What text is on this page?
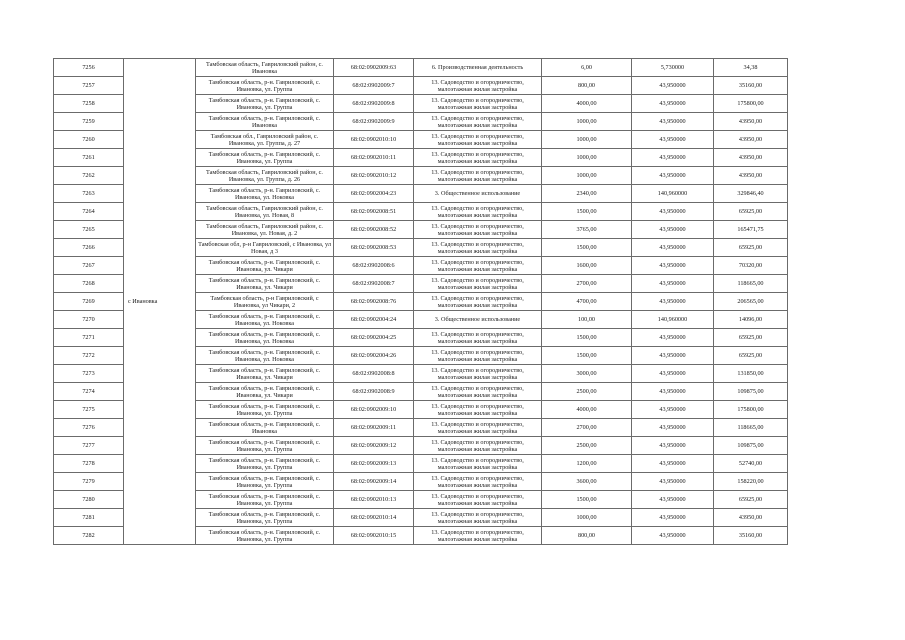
7256	с Ивановка	Тамбовская область, Гавриловский район, с. Ивановка	68:02:0902009:63	6. Производственная деятельность	6,00	5,730000	34,38
7257		Тамбовская область, р-н. Гавриловский, с. Ивановка, ул. Группа	68:02:0902009:7	13. Садоводство и огородничество, малоэтажная жилая застройка	800,00	43,950000	35160,00
7258		Тамбовская область, р-н. Гавриловский, с. Ивановка, ул. Группа	68:02:0902009:8	13. Садоводство и огородничество, малоэтажная жилая застройка	4000,00	43,950000	175800,00
7259		Тамбовская область, р-н. Гавриловский, с. Ивановка	68:02:0902009:9	13. Садоводство и огородничество, малоэтажная жилая застройка	1000,00	43,950000	43950,00
7260		Тамбовская обл., Гавриловский район, с. Ивановка, ул. Группа, д. 27	68:02:0902010:10	13. Садоводство и огородничество, малоэтажная жилая застройка	1000,00	43,950000	43950,00
7261		Тамбовская область, р-н. Гавриловский, с. Ивановка, ул. Группа	68:02:0902010:11	13. Садоводство и огородничество, малоэтажная жилая застройка	1000,00	43,950000	43950,00
7262		Тамбовская область, Гавриловский район, с. Ивановка, ул. Группа, д. 26	68:02:0902010:12	13. Садоводство и огородничество, малоэтажная жилая застройка	1000,00	43,950000	43950,00
7263		Тамбовская область, р-н. Гавриловский, с. Ивановка, ул. Ноковка	68:02:0902004:23	3. Общественное использование	2340,00	140,960000	329846,40
7264		Тамбовская область, Гавриловский район, с. Ивановка, ул. Новая, 8	68:02:0902008:51	13. Садоводство и огородничество, малоэтажная жилая застройка	1500,00	43,950000	65925,00
7265		Тамбовская область, Гавриловский район, с. Ивановка, ул. Новая, д. 2	68:02:0902008:52	13. Садоводство и огородничество, малоэтажная жилая застройка	3765,00	43,950000	165471,75
7266		Тамбовская обл, р-н Гавриловский, с Ивановка, ул Новая, д 3	68:02:0902008:53	13. Садоводство и огородничество, малоэтажная жилая застройка	1500,00	43,950000	65925,00
7267		Тамбовская область, р-н. Гавриловский, с. Ивановка, ул. Чикари	68:02:0902008:6	13. Садоводство и огородничество, малоэтажная жилая застройка	1600,00	43,950000	70320,00
7268		Тамбовская область, р-н. Гавриловский, с. Ивановка, ул. Чикари	68:02:0902008:7	13. Садоводство и огородничество, малоэтажная жилая застройка	2700,00	43,950000	118665,00
7269		Тамбовская область, р-н Гавриловский, с Ивановка, ул Чикари, 2	68:02:0902008:76	13. Садоводство и огородничество, малоэтажная жилая застройка	4700,00	43,950000	206565,00
7270		Тамбовская область, р-н. Гавриловский, с. Ивановка, ул. Ноковка	68:02:0902004:24	3. Общественное использование	100,00	140,960000	14096,00
7271		Тамбовская область, р-н. Гавриловский, с. Ивановка, ул. Ноковка	68:02:0902004:25	13. Садоводство и огородничество, малоэтажная жилая застройка	1500,00	43,950000	65925,00
7272		Тамбовская область, р-н. Гавриловский, с. Ивановка, ул. Ноковка	68:02:0902004:26	13. Садоводство и огородничество, малоэтажная жилая застройка	1500,00	43,950000	65925,00
7273		Тамбовская область, р-н. Гавриловский, с. Ивановка, ул. Чикари	68:02:0902008:8	13. Садоводство и огородничество, малоэтажная жилая застройка	3000,00	43,950000	131850,00
7274		Тамбовская область, р-н. Гавриловский, с. Ивановка, ул. Чикари	68:02:0902008:9	13. Садоводство и огородничество, малоэтажная жилая застройка	2500,00	43,950000	109875,00
7275		Тамбовская область, р-н. Гавриловский, с. Ивановка, ул. Группа	68:02:0902009:10	13. Садоводство и огородничество, малоэтажная жилая застройка	4000,00	43,950000	175800,00
7276		Тамбовская область, р-н. Гавриловский, с. Ивановка	68:02:0902009:11	13. Садоводство и огородничество, малоэтажная жилая застройка	2700,00	43,950000	118665,00
7277		Тамбовская область, р-н. Гавриловский, с. Ивановка, ул. Группа	68:02:0902009:12	13. Садоводство и огородничество, малоэтажная жилая застройка	2500,00	43,950000	109875,00
7278		Тамбовская область, р-н. Гавриловский, с. Ивановка, ул. Группа	68:02:0902009:13	13. Садоводство и огородничество, малоэтажная жилая застройка	1200,00	43,950000	52740,00
7279		Тамбовская область, р-н. Гавриловский, с. Ивановка, ул. Группа	68:02:0902009:14	13. Садоводство и огородничество, малоэтажная жилая застройка	3600,00	43,950000	158220,00
7280		Тамбовская область, р-н. Гавриловский, с. Ивановка, ул. Группа	68:02:0902010:13	13. Садоводство и огородничество, малоэтажная жилая застройка	1500,00	43,950000	65925,00
7281		Тамбовская область, р-н. Гавриловский, с. Ивановка, ул. Группа	68:02:0902010:14	13. Садоводство и огородничество, малоэтажная жилая застройка	1000,00	43,950000	43950,00
7282		Тамбовская область, р-н. Гавриловский, с. Ивановка, ул. Группа	68:02:0902010:15	13. Садоводство и огородничество, малоэтажная жилая застройка	800,00	43,950000	35160,00
